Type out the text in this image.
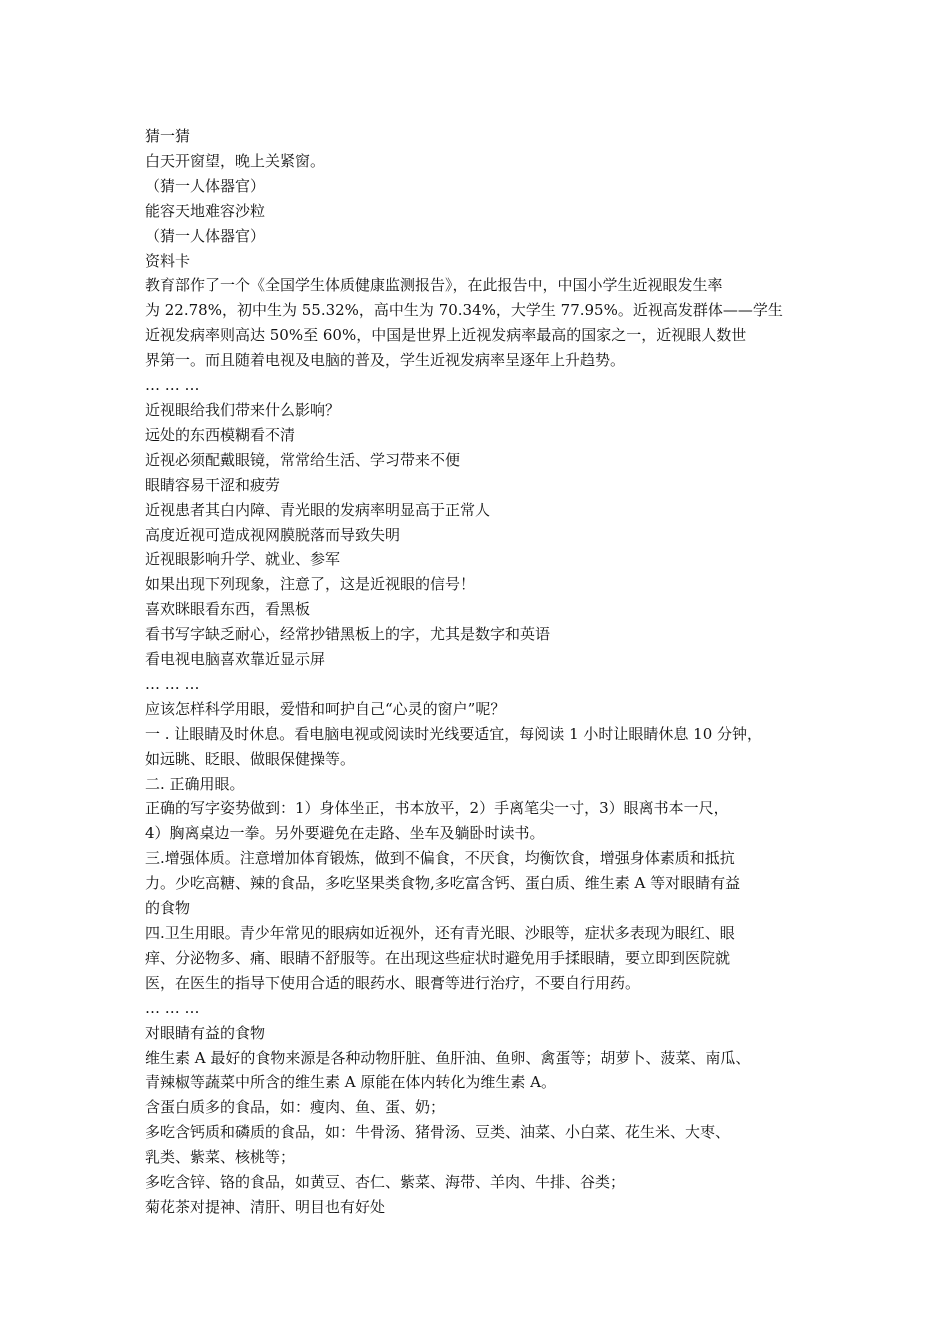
猜一猜

白天开窗望，晚上关紧窗。

（猜一人体器官）

能容天地难容沙粒

（猜一人体器官）

资料卡

教育部作了一个《全国学生体质健康监测报告》，在此报告中，中国小学生近视眼发生率

为 22.78%，初中生为 55.32%，高中生为 70.34%，大学生 77.95%。近视高发群体——学生

近视发病率则高达 50%至 60%，中国是世界上近视发病率最高的国家之一，近视眼人数世

界第一。而且随着电视及电脑的普及，学生近视发病率呈逐年上升趋势。

… … …

近视眼给我们带来什么影响？

远处的东西模糊看不清

近视必须配戴眼镜，常常给生活、学习带来不便

眼睛容易干涩和疲劳

近视患者其白内障、青光眼的发病率明显高于正常人

高度近视可造成视网膜脱落而导致失明

近视眼影响升学、就业、参军

如果出现下列现象，注意了，这是近视眼的信号！

喜欢眯眼看东西，看黑板

看书写字缺乏耐心，经常抄错黑板上的字，尤其是数字和英语

看电视电脑喜欢靠近显示屏

… … …

应该怎样科学用眼，爱惜和呵护自己“心灵的窗户”呢？

一 . 让眼睛及时休息。看电脑电视或阅读时光线要适宜，每阅读 1 小时让眼睛休息 10 分钟，

如远眺、眨眼、做眼保健操等。

二. 正确用眼。

正确的写字姿势做到：1）身体坐正，书本放平，2）手离笔尖一寸，3）眼离书本一尺，

4）胸离桌边一拳。另外要避免在走路、坐车及躺卧时读书。

三.增强体质。注意增加体育锻炼，做到不偏食，不厌食，均衡饮食，增强身体素质和抵抗

力。少吃高糖、辣的食品，多吃坚果类食物,多吃富含钙、蛋白质、维生素 A 等对眼睛有益

的食物

四.卫生用眼。青少年常见的眼病如近视外，还有青光眼、沙眼等，症状多表现为眼红、眼

痒、分泌物多、痛、眼睛不舒服等。在出现这些症状时避免用手揉眼睛，要立即到医院就

医，在医生的指导下使用合适的眼药水、眼膏等进行治疗，不要自行用药。

… … …

对眼睛有益的食物

维生素 A 最好的食物来源是各种动物肝脏、鱼肝油、鱼卵、禽蛋等；胡萝卜、菠菜、南瓜、

青辣椒等蔬菜中所含的维生素 A 原能在体内转化为维生素 A。

含蛋白质多的食品，如：瘦肉、鱼、蛋、奶；

多吃含钙质和磷质的食品，如：牛骨汤、猪骨汤、豆类、油菜、小白菜、花生米、大枣、

乳类、紫菜、核桃等；

多吃含锌、铬的食品，如黄豆、杏仁、紫菜、海带、羊肉、牛排、谷类；

菊花茶对提神、清肝、明目也有好处
